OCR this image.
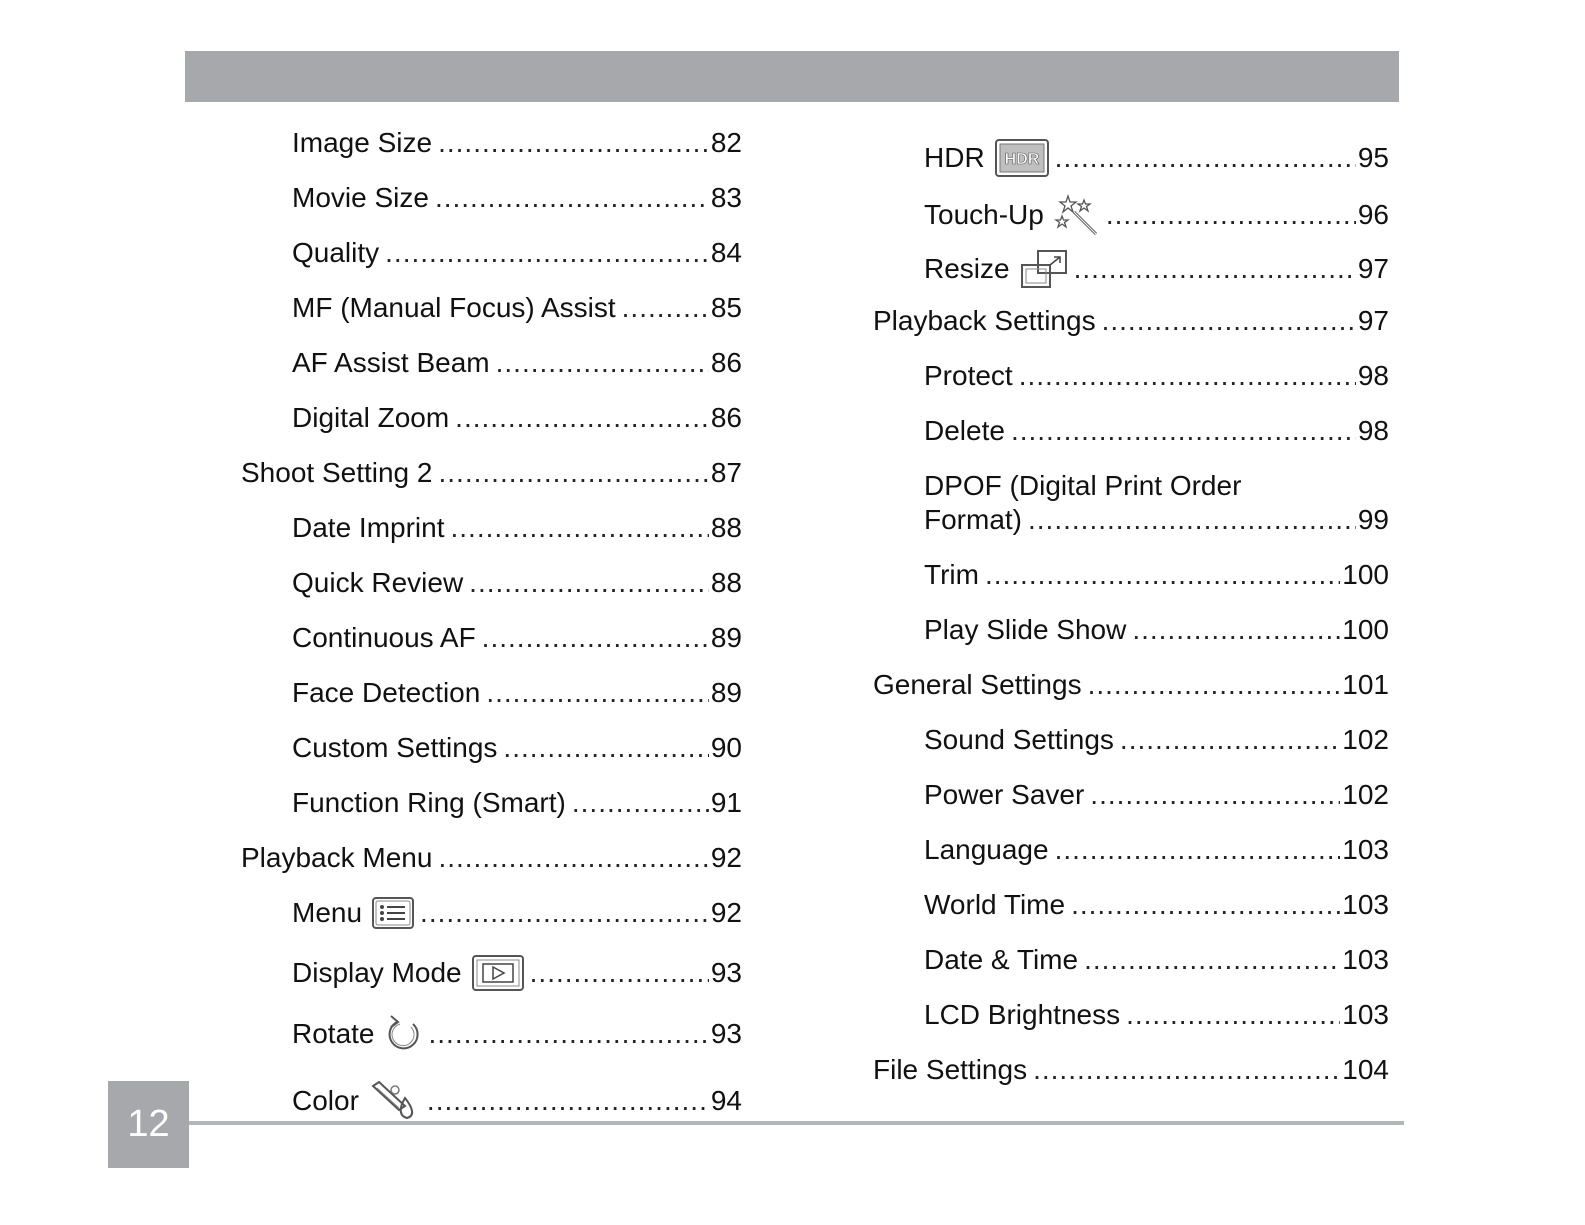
Image Size .....	82
Movie Size .....	83
Quality .....	84
MF (Manual Focus) Assist .....	85
AF Assist Beam .....	86
Digital Zoom .....	86
Shoot Setting 2 .....	87
Date Imprint .....	88
Quick Review .....	88
Continuous AF .....	89
Face Detection .....	89
Custom Settings .....	90
Function Ring (Smart) .....	91
Playback Menu .....	92
Menu .....	92
Display Mode .....	93
Rotate .....	93
Color .....	94
HDR HDR .....	95
Touch-Up .....	96
Resize .....	97
Playback Settings .....	97
Protect .....	98
Delete .....	98
DPOF (Digital Print Order
Format) .....	99
Trim .....	100
Play Slide Show .....	100
General Settings .....	101
Sound Settings .....	102
Power Saver .....	102
Language .....	103
World Time .....	103
Date & Time .....	103
LCD Brightness .....	103
File Settings .....	104
12
